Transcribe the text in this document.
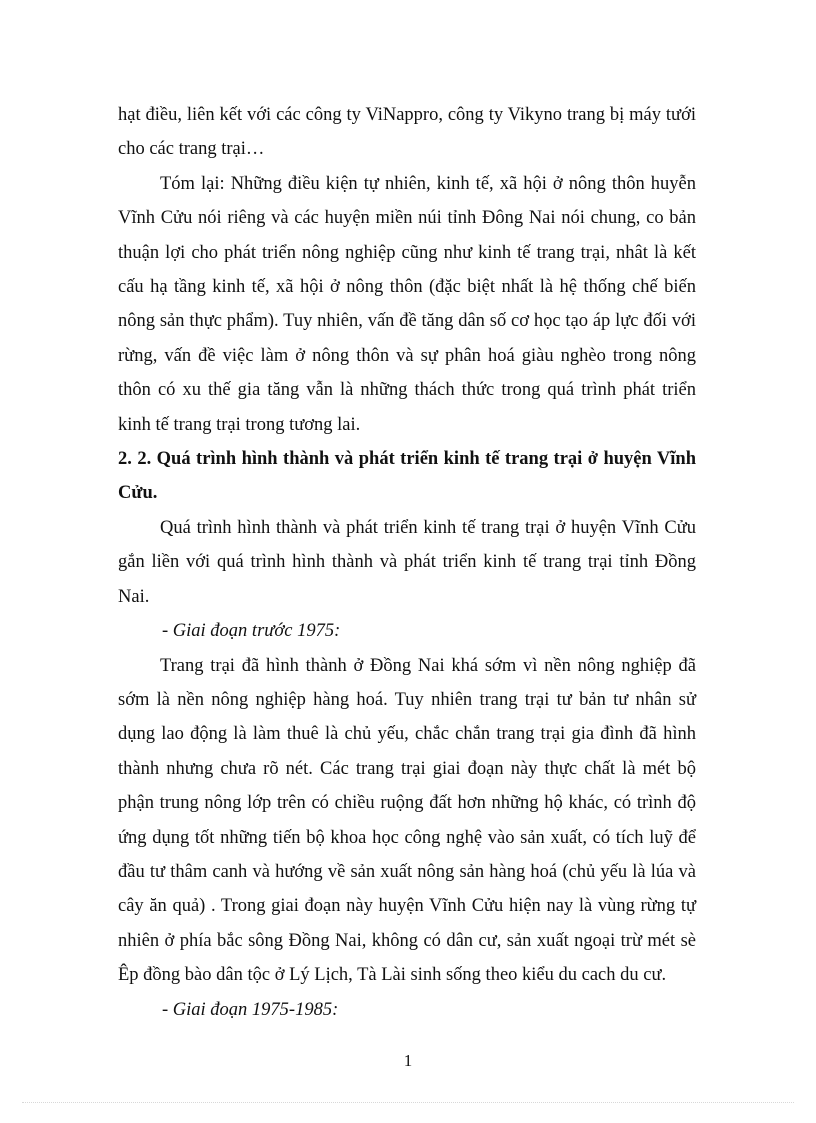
hạt điều, liên kết với các công ty ViNappro, công ty Vikyno trang bị máy tưới cho các trang trại…

Tóm lại: Những điều kiện tự nhiên, kinh tế, xã hội ở nông thôn huyễn Vĩnh Cửu nói riêng và các huyện miền núi tỉnh Đông Nai nói chung, co bản thuận lợi cho phát triển nông nghiệp cũng như kinh tế trang trại, nhât là kết cấu hạ tầng kinh tế, xã hội ở nông thôn (đặc biệt nhất là hệ thống chế biến nông sản thực phẩm). Tuy nhiên, vấn đề tăng dân số cơ học tạo áp lực đối với rừng, vấn đề việc làm ở nông thôn và sự phân hoá giàu nghèo trong nông thôn có xu thế gia tăng vẫn là những thách thức trong quá trình phát triển kinh tế trang trại trong tương lai.

2. 2. Quá trình hình thành và phát triển kinh tế trang trại ở huyện Vĩnh Cửu.

Quá trình hình thành và phát triển kinh tế trang trại ở huyện Vĩnh Cửu gắn liền với quá trình hình thành và phát triển kinh tế trang trại tỉnh Đồng Nai.

- Giai đoạn trước 1975:

Trang trại đã hình thành ở Đồng Nai khá sớm vì nền nông nghiệp đã sớm là nền nông nghiệp hàng hoá. Tuy nhiên trang trại tư bản tư nhân sử dụng lao động là làm thuê là chủ yếu, chắc chắn trang trại gia đình đã hình thành nhưng chưa rõ nét. Các trang trại giai đoạn này thực chất là mét bộ phận trung nông lớp trên có chiều ruộng đất hơn những hộ khác, có trình độ ứng dụng tốt những tiến bộ khoa học công nghệ vào sản xuất, có tích luỹ để đầu tư thâm canh và hướng về sản xuất nông sản hàng hoá (chủ yếu là lúa và cây ăn quả) . Trong giai đoạn này huyện Vĩnh Cửu hiện nay là vùng rừng tự nhiên ở phía bắc sông Đồng Nai, không có dân cư, sản xuất ngoại trừ mét sè Êp đồng bào dân tộc ở Lý Lịch, Tà Lài sinh sống theo kiểu du cach du cư.

- Giai đoạn 1975-1985:

1
